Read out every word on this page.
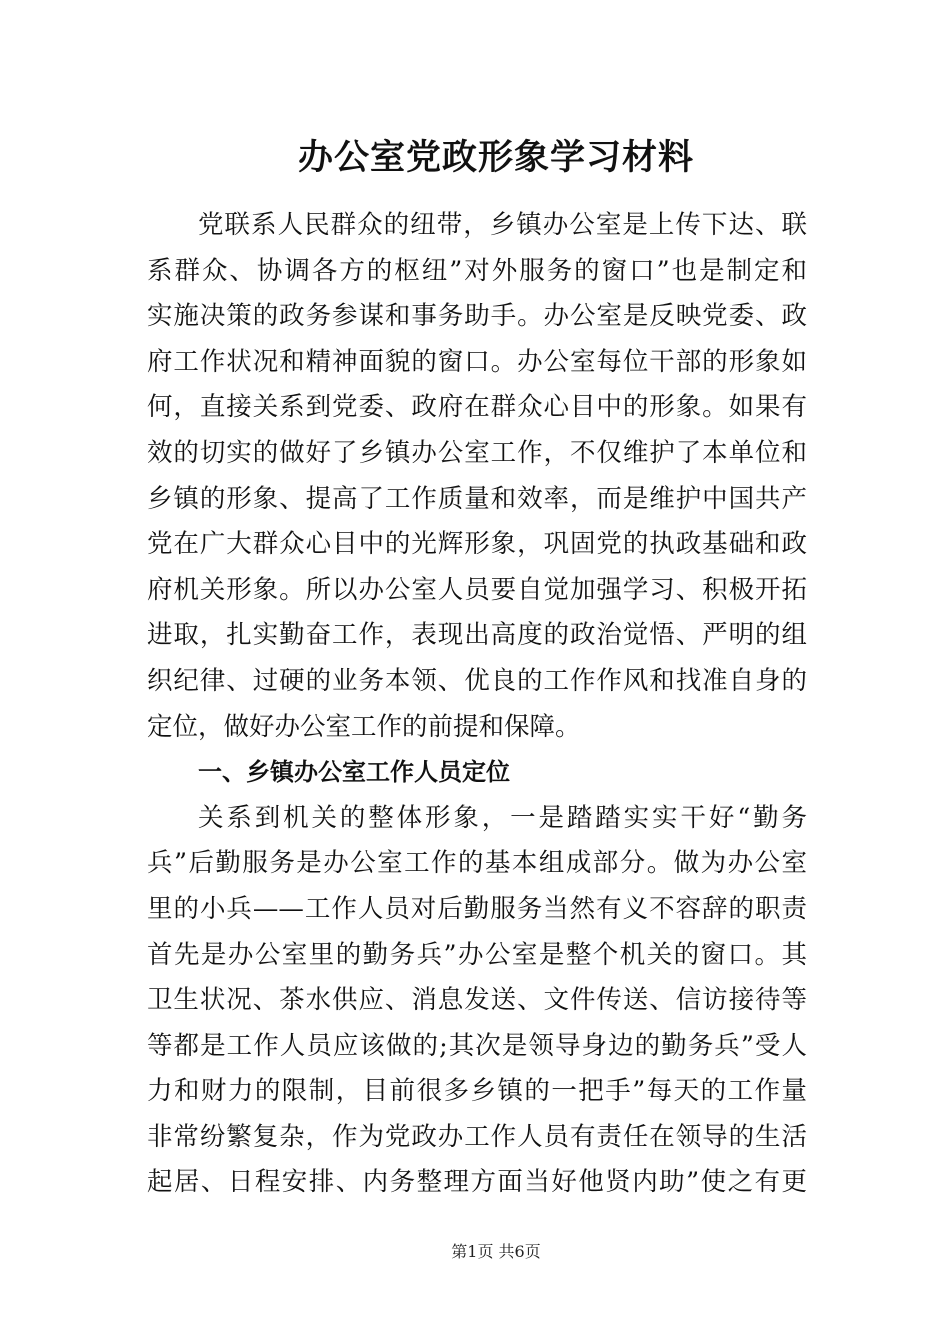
办公室党政形象学习材料
党联系人民群众的纽带，乡镇办公室是上传下达、联
系群众、协调各方的枢纽”对外服务的窗口”也是制定和
实施决策的政务参谋和事务助手。办公室是反映党委、政
府工作状况和精神面貌的窗口。办公室每位干部的形象如
何，直接关系到党委、政府在群众心目中的形象。如果有
效的切实的做好了乡镇办公室工作，不仅维护了本单位和
乡镇的形象、提高了工作质量和效率，而是维护中国共产
党在广大群众心目中的光辉形象，巩固党的执政基础和政
府机关形象。所以办公室人员要自觉加强学习、积极开拓
进取，扎实勤奋工作，表现出高度的政治觉悟、严明的组
织纪律、过硬的业务本领、优良的工作作风和找准自身的
定位，做好办公室工作的前提和保障。
一、乡镇办公室工作人员定位
关系到机关的整体形象，一是踏踏实实干好“勤务
兵”后勤服务是办公室工作的基本组成部分。做为办公室
里的小兵——工作人员对后勤服务当然有义不容辞的职责
首先是办公室里的勤务兵”办公室是整个机关的窗口。其
卫生状况、茶水供应、消息发送、文件传送、信访接待等
等都是工作人员应该做的;其次是领导身边的勤务兵”受人
力和财力的限制，目前很多乡镇的一把手”每天的工作量
非常纷繁复杂，作为党政办工作人员有责任在领导的生活
起居、日程安排、内务整理方面当好他贤内助”使之有更
第1页 共6页
